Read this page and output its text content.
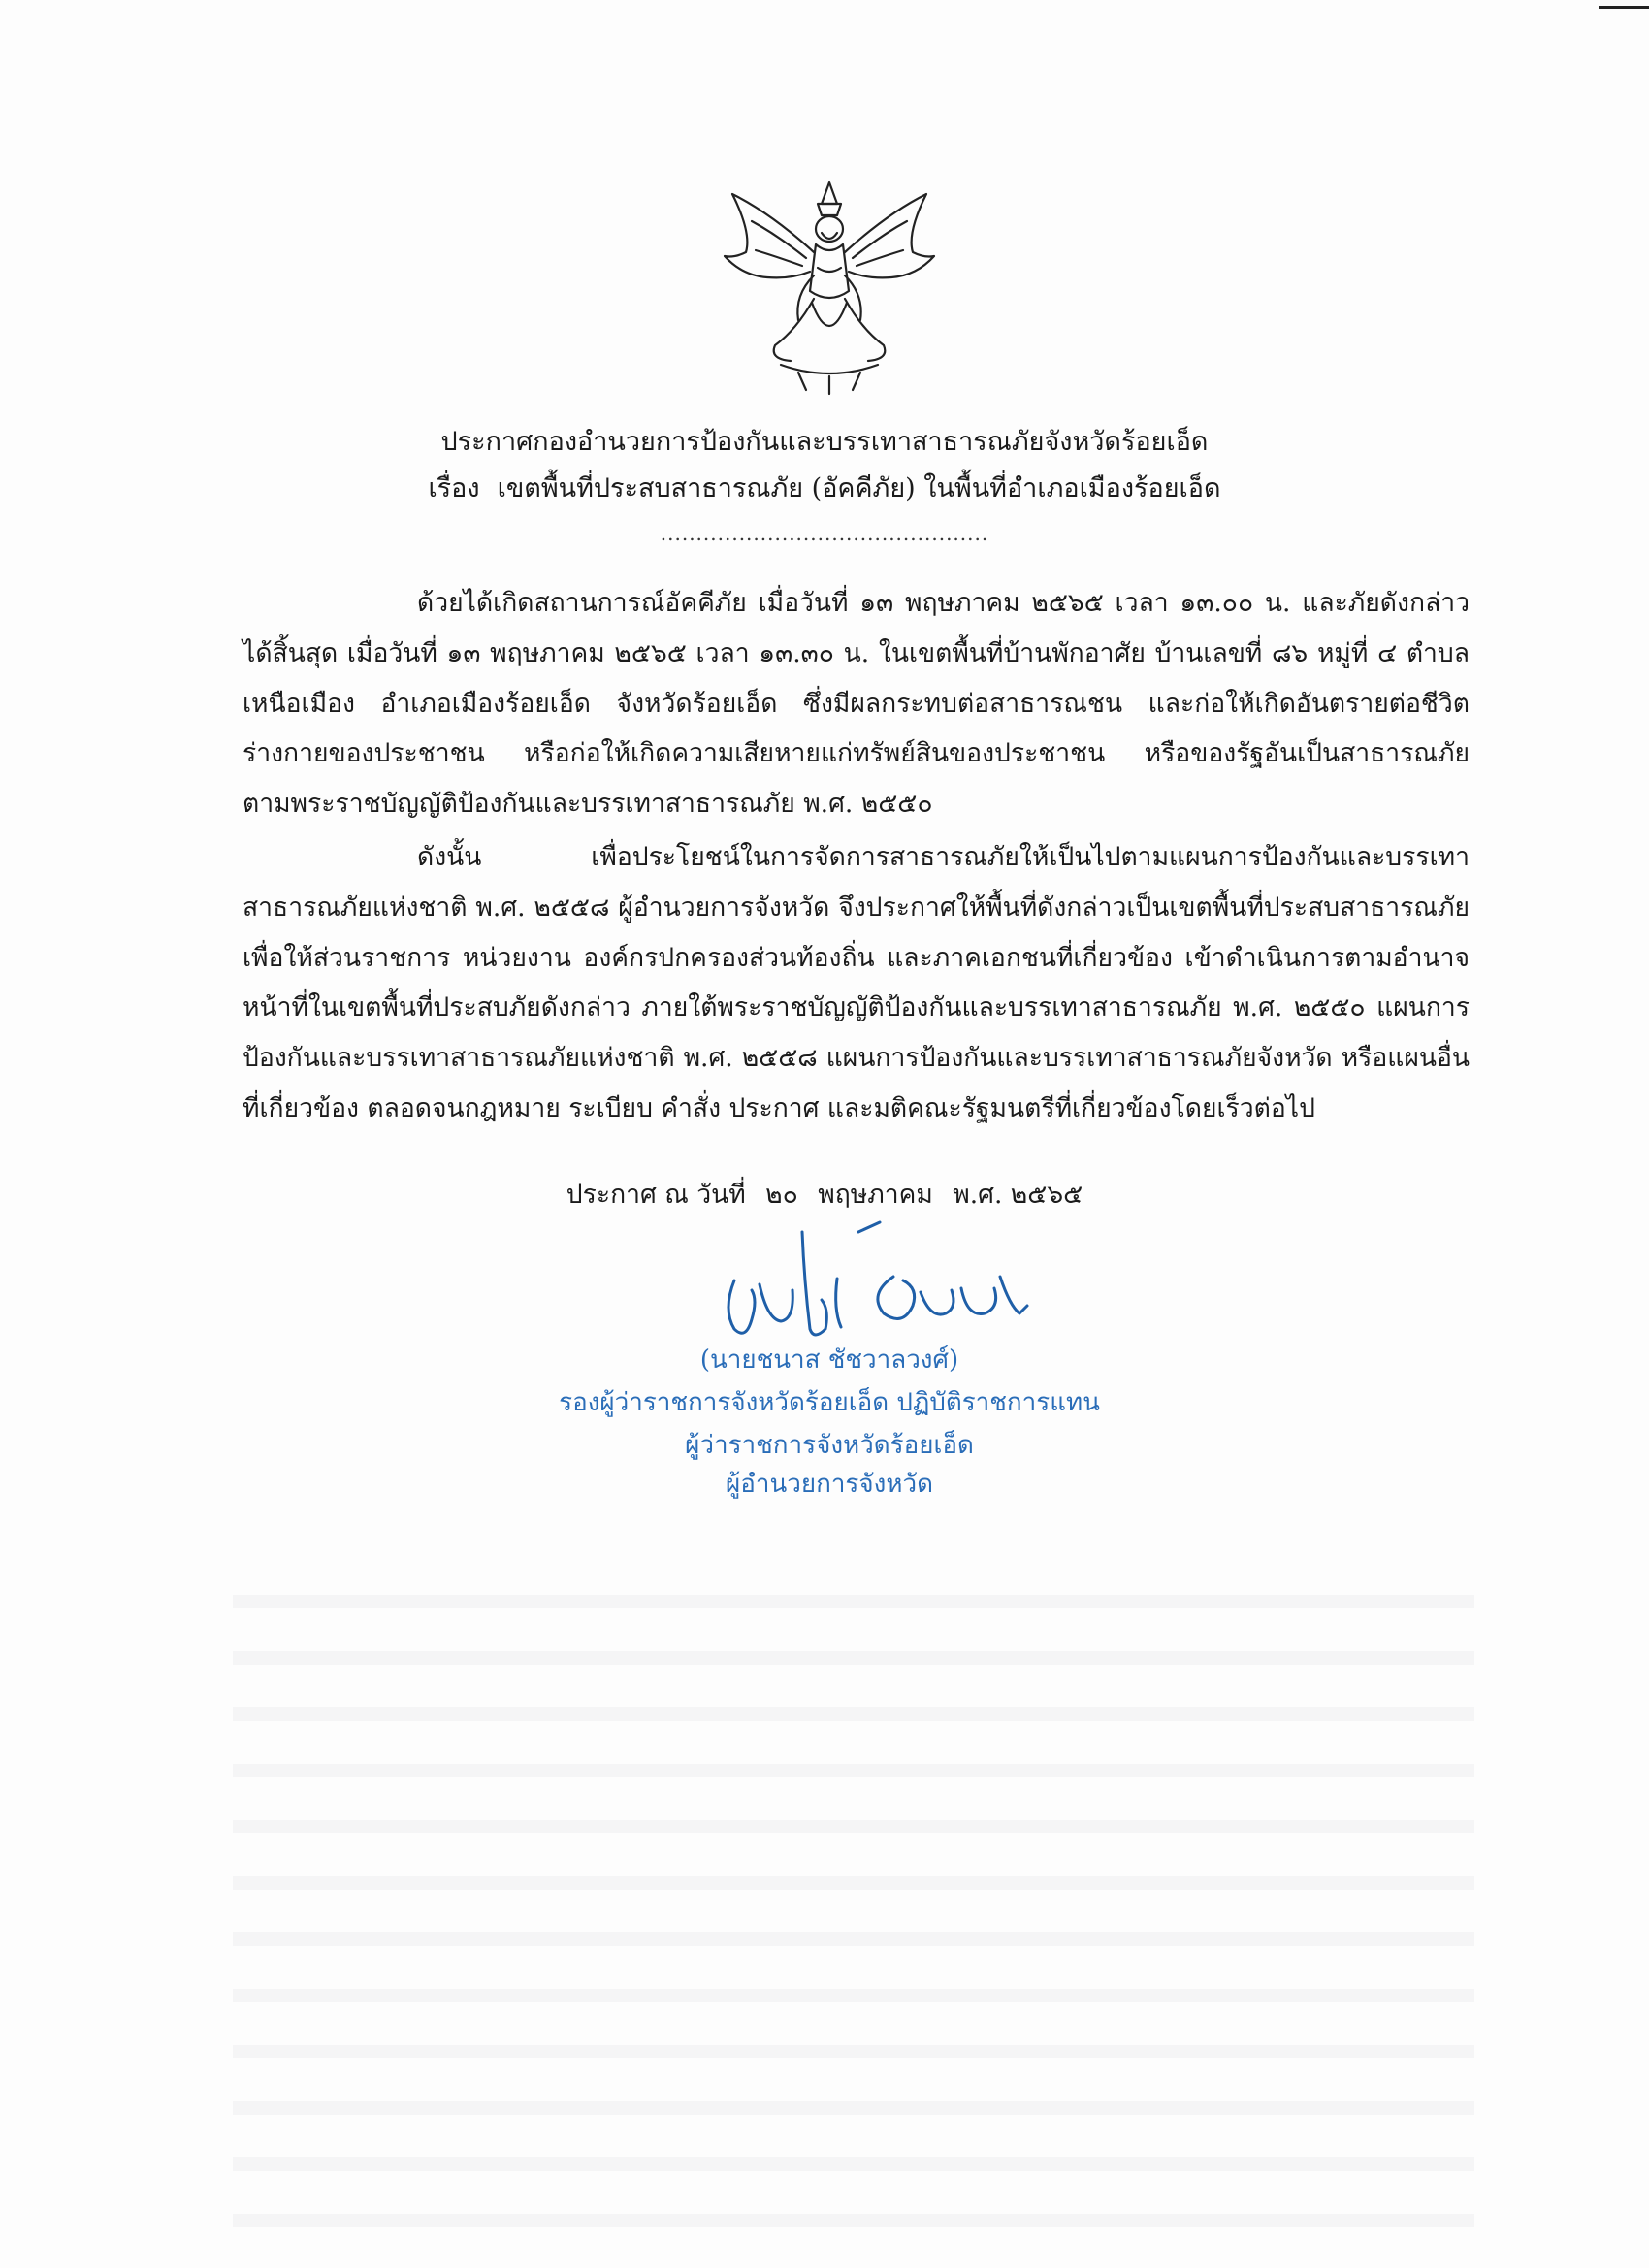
ประกาศกองอำนวยการป้องกันและบรรเทาสาธารณภัยจังหวัดร้อยเอ็ด
เรื่อง เขตพื้นที่ประสบสาธารณภัย (อัคคีภัย) ในพื้นที่อำเภอเมืองร้อยเอ็ด
..............................................
ด้วยได้เกิดสถานการณ์อัคคีภัย เมื่อวันที่ ๑๓ พฤษภาคม ๒๕๖๕ เวลา ๑๓.๐๐ น. และภัยดังกล่าวได้สิ้นสุด เมื่อวันที่ ๑๓ พฤษภาคม ๒๕๖๕ เวลา ๑๓.๓๐ น. ในเขตพื้นที่บ้านพักอาศัย บ้านเลขที่ ๘๖ หมู่ที่ ๔ ตำบลเหนือเมือง อำเภอเมืองร้อยเอ็ด จังหวัดร้อยเอ็ด ซึ่งมีผลกระทบต่อสาธารณชน และก่อให้เกิดอันตรายต่อชีวิตร่างกายของประชาชน หรือก่อให้เกิดความเสียหายแก่ทรัพย์สินของประชาชน หรือของรัฐอันเป็นสาธารณภัยตามพระราชบัญญัติป้องกันและบรรเทาสาธารณภัย พ.ศ. ๒๕๕๐
ดังนั้น เพื่อประโยชน์ในการจัดการสาธารณภัยให้เป็นไปตามแผนการป้องกันและบรรเทาสาธารณภัยแห่งชาติ พ.ศ. ๒๕๕๘ ผู้อำนวยการจังหวัด จึงประกาศให้พื้นที่ดังกล่าวเป็นเขตพื้นที่ประสบสาธารณภัย เพื่อให้ส่วนราชการ หน่วยงาน องค์กรปกครองส่วนท้องถิ่น และภาคเอกชนที่เกี่ยวข้อง เข้าดำเนินการตามอำนาจหน้าที่ในเขตพื้นที่ประสบภัยดังกล่าว ภายใต้พระราชบัญญัติป้องกันและบรรเทาสาธารณภัย พ.ศ. ๒๕๕๐ แผนการป้องกันและบรรเทาสาธารณภัยแห่งชาติ พ.ศ. ๒๕๕๘ แผนการป้องกันและบรรเทาสาธารณภัยจังหวัด หรือแผนอื่นที่เกี่ยวข้อง ตลอดจนกฎหมาย ระเบียบ คำสั่ง ประกาศ และมติคณะรัฐมนตรีที่เกี่ยวข้องโดยเร็วต่อไป
ประกาศ ณ วันที่ ๒๐ พฤษภาคม พ.ศ. ๒๕๖๕
(นายชนาส ชัชวาลวงศ์)
รองผู้ว่าราชการจังหวัดร้อยเอ็ด ปฏิบัติราชการแทน
ผู้ว่าราชการจังหวัดร้อยเอ็ด
ผู้อำนวยการจังหวัด
